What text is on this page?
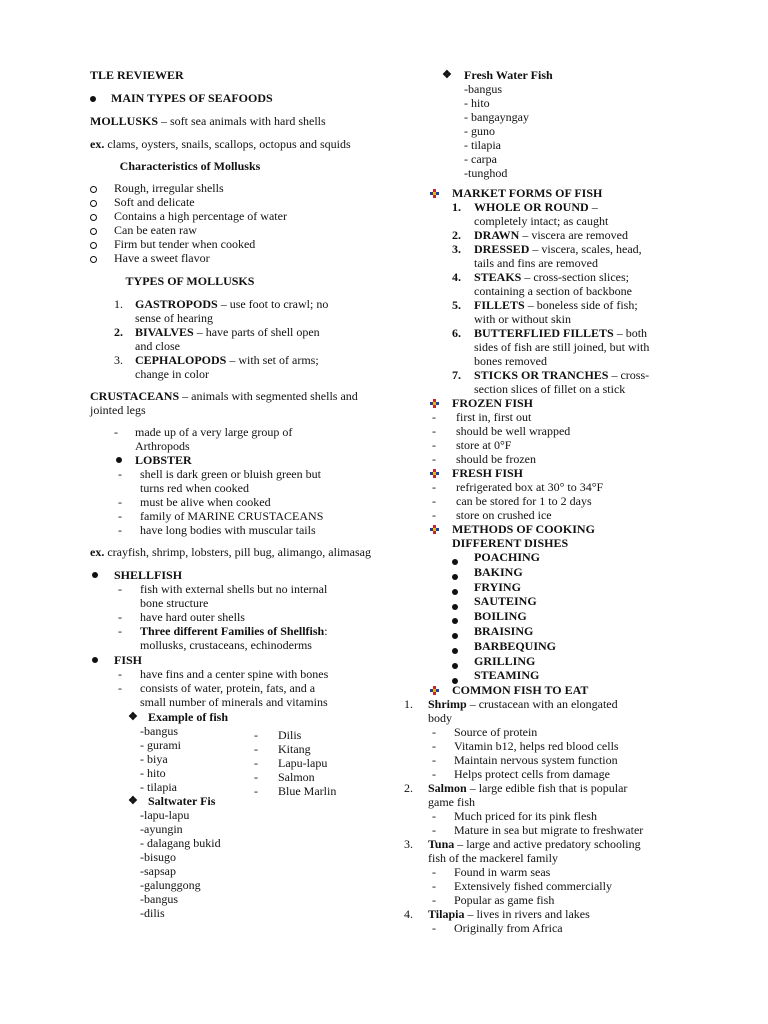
TLE REVIEWER
MAIN TYPES OF SEAFOODS
MOLLUSKS – soft sea animals with hard shells
ex. clams, oysters, snails, scallops, octopus and squids
Characteristics of Mollusks
Rough, irregular shells
Soft and delicate
Contains a high percentage of water
Can be eaten raw
Firm but tender when cooked
Have a sweet flavor
TYPES OF MOLLUSKS
1. GASTROPODS – use foot to crawl; no
sense of hearing
2. BIVALVES – have parts of shell open
and close
3. CEPHALOPODS – with set of arms;
change in color
CRUSTACEANS – animals with segmented shells and jointed legs
- made up of a very large group of
Arthropods
LOBSTER
- shell is dark green or bluish green but
turns red when cooked
- must be alive when cooked
- family of MARINE CRUSTACEANS
- have long bodies with muscular tails
ex. crayfish, shrimp, lobsters, pill bug, alimango, alimasag
SHELLFISH
- fish with external shells but no internal
bone structure
- have hard outer shells
- Three different Families of Shellfish:
mollusks, crustaceans, echinoderms
FISH
- have fins and a center spine with bones
- consists of water, protein, fats, and a
small number of minerals and vitamins
❖ Example of fish
-bangus
- gurami
- biya
- hito
- tilapia
- Dilis
- Kitang
- Lapu-lapu
- Salmon
- Blue Marlin
❖ Saltwater Fis
-lapu-lapu
-ayungin
- dalagang bukid
-bisugo
-sapsap
-galunggong
-bangus
-dilis
❖ Fresh Water Fish
-bangus
- hito
- bangayngay
- guno
- tilapia
- carpa
-tunghod
MARKET FORMS OF FISH
1. WHOLE OR ROUND –
completely intact; as caught
2. DRAWN – viscera are removed
3. DRESSED – viscera, scales, head,
tails and fins are removed
4. STEAKS – cross-section slices;
containing a section of backbone
5. FILLETS – boneless side of fish;
with or without skin
6. BUTTERFLIED FILLETS – both
sides of fish are still joined, but with
bones removed
7. STICKS OR TRANCHES – cross-
section slices of fillet on a stick
FROZEN FISH
- first in, first out
- should be well wrapped
- store at 0°F
- should be frozen
FRESH FISH
- refrigerated box at 30° to 34°F
- can be stored for 1 to 2 days
- store on crushed ice
METHODS OF COOKING
DIFFERENT DISHES
POACHING
BAKING
FRYING
SAUTEING
BOILING
BRAISING
BARBEQUING
GRILLING
STEAMING
COMMON FISH TO EAT
1. Shrimp – crustacean with an elongated
body
- Source of protein
- Vitamin b12, helps red blood cells
- Maintain nervous system function
- Helps protect cells from damage
2. Salmon – large edible fish that is popular
game fish
- Much priced for its pink flesh
- Mature in sea but migrate to freshwater
3. Tuna – large and active predatory schooling
fish of the mackerel family
- Found in warm seas
- Extensively fished commercially
- Popular as game fish
4. Tilapia – lives in rivers and lakes
- Originally from Africa
